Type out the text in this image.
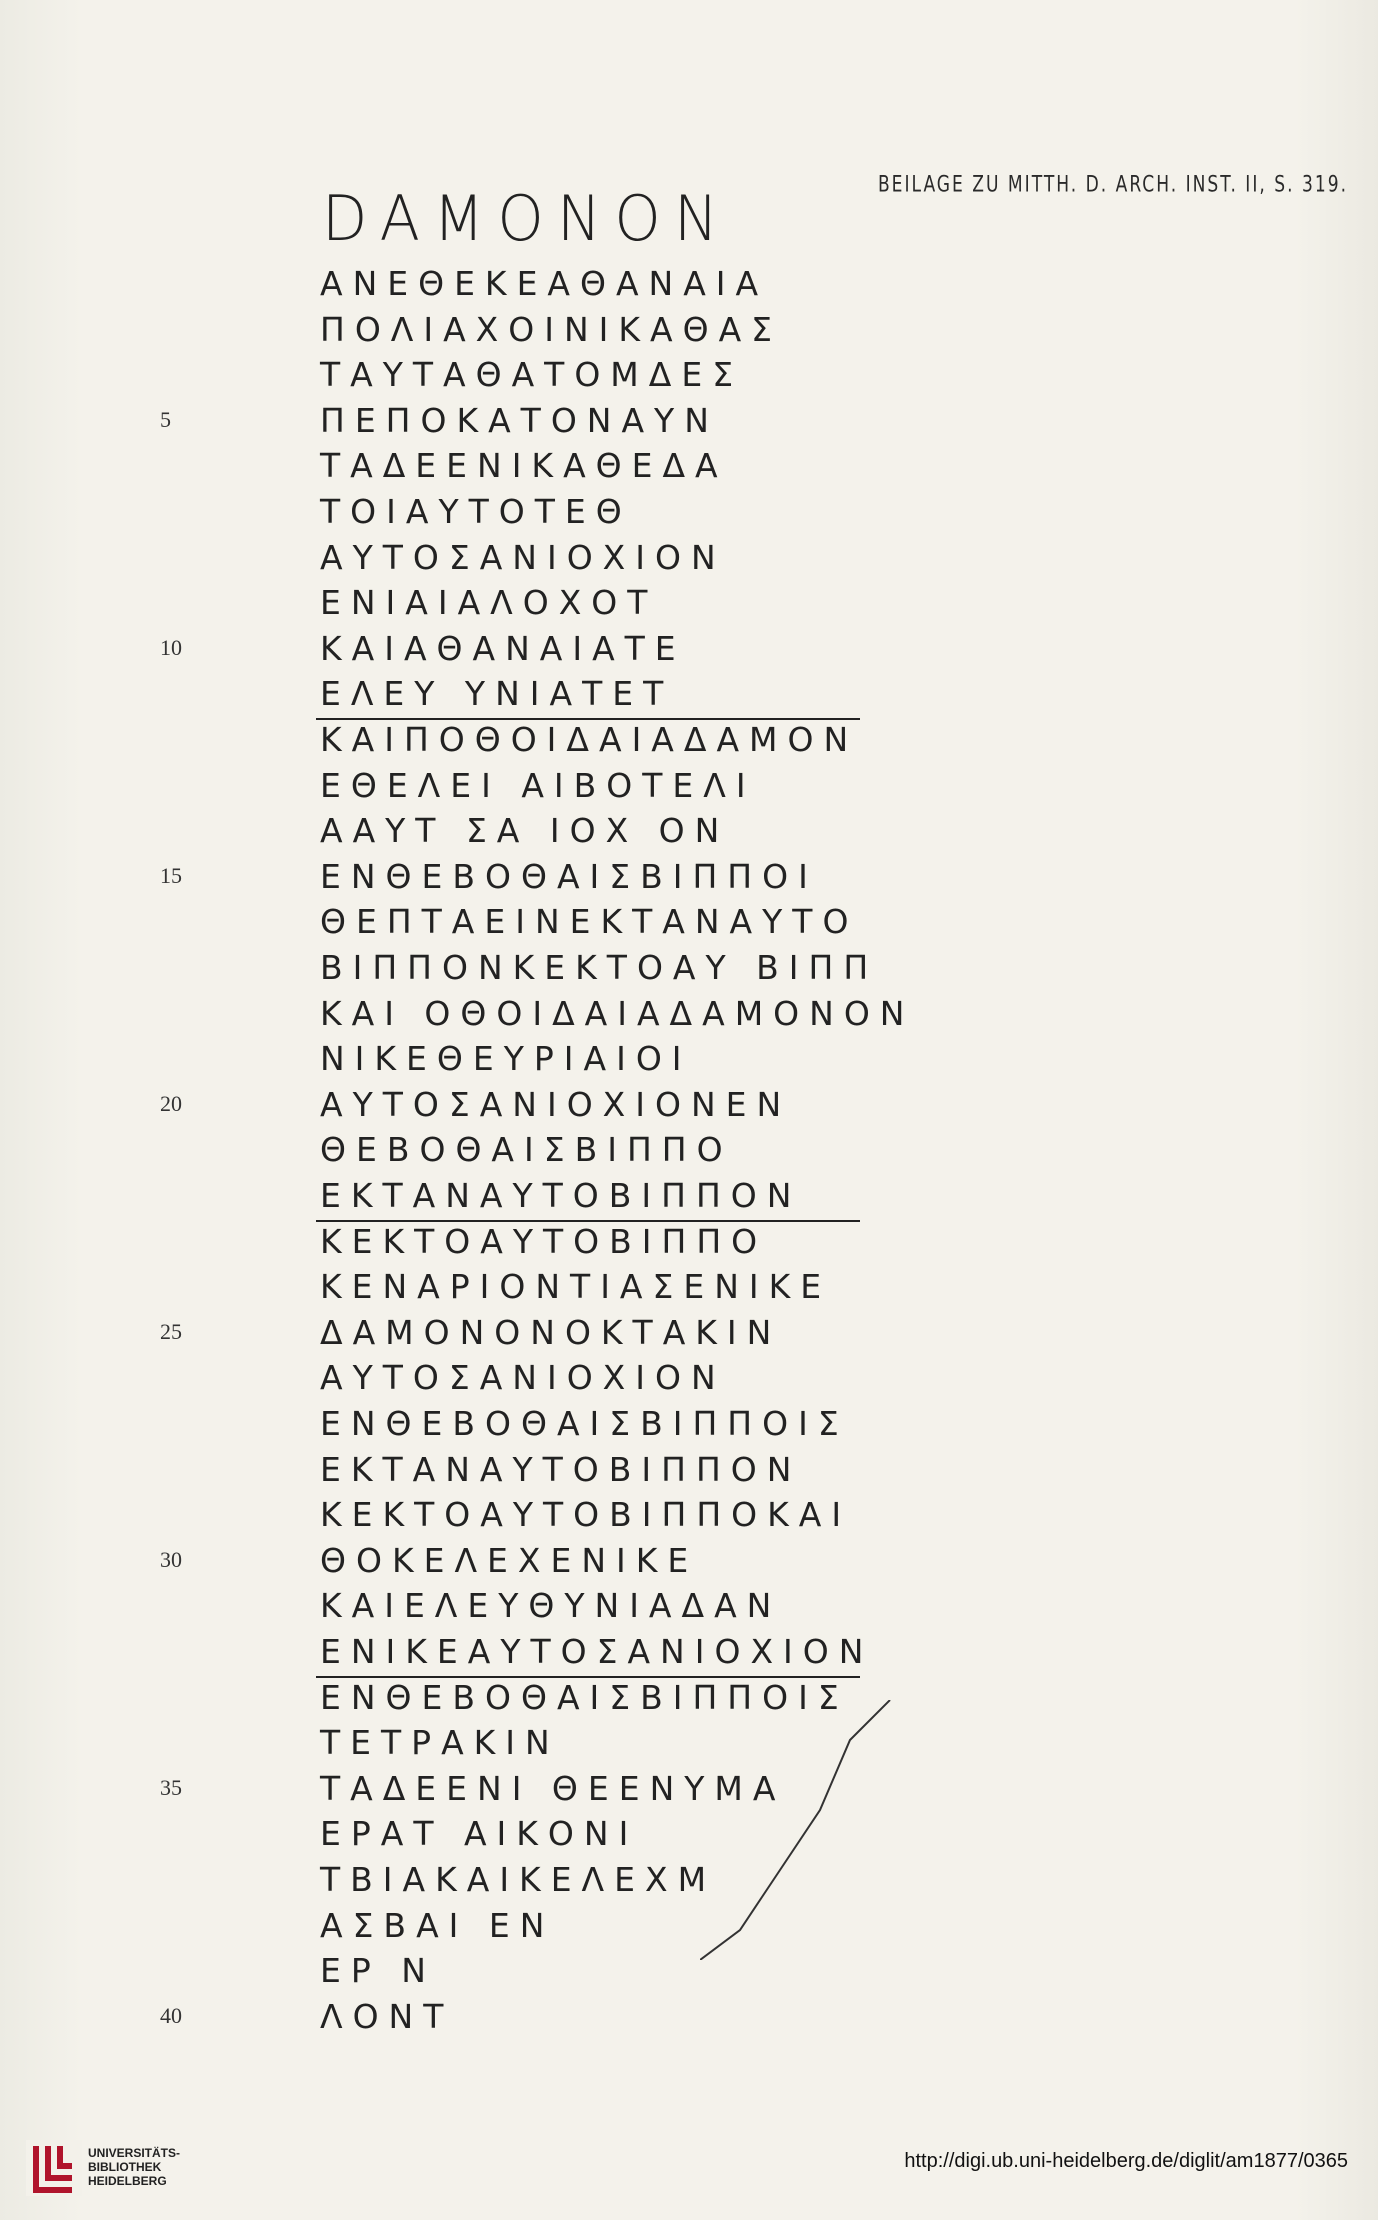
BEILAGE ZU MITTH. D. ARCH. INST. II, S. 319.
DAMONON
ΑΝΕΘΕΚΕΑΘΑΝΑΙΑ
ΠΟΛΙΑΧΟΙΝΙΚΑΘΑΣ
ΤΑΥΤΑΘΑΤΟΜΔΕΣ
ΠΕΠΟΚΑΤΟΝΑΥΝ
5
ΤΑΔΕΕΝΙΚΑΘΕΔΑ
ΤΟΙΑΥΤΟΤΕΘ
ΑΥΤΟΣΑΝΙΟΧΙΟΝ
ΕΝΙΑΙΑΛΟΧΟΤ
ΚΑΙΑΘΑΝΑΙΑΤΕ
10
ΕΛΕΥ ΥΝΙΑΤΕΤ
ΚΑΙΠΟΘΟΙΔΑΙΑΔΑΜΟΝ
ΕΘΕΛΕΙ ΑΙΒΟΤΕΛΙ
ΑΑΥΤ ΣΑ ΙΟΧ ΟΝ
ΕΝΘΕΒΟΘΑΙΣΒΙΠΠΟΙ
15
ΘΕΠΤΑΕΙΝΕΚΤΑΝΑΥΤΟ
ΒΙΠΠΟΝΚΕΚΤΟΑΥ ΒΙΠΠ
ΚΑΙ ΟΘΟΙΔΑΙΑΔΑΜΟΝΟΝ
ΝΙΚΕΘΕΥΡΙΑΙΟΙ
ΑΥΤΟΣΑΝΙΟΧΙΟΝΕΝ
20
ΘΕΒΟΘΑΙΣΒΙΠΠΟ
ΕΚΤΑΝΑΥΤΟΒΙΠΠΟΝ
ΚΕΚΤΟΑΥΤΟΒΙΠΠΟ
ΚΕΝΑΡΙΟΝΤΙΑΣΕΝΙΚΕ
ΔΑΜΟΝΟΝΟΚΤΑΚΙΝ
25
ΑΥΤΟΣΑΝΙΟΧΙΟΝ
ΕΝΘΕΒΟΘΑΙΣΒΙΠΠΟΙΣ
ΕΚΤΑΝΑΥΤΟΒΙΠΠΟΝ
ΚΕΚΤΟΑΥΤΟΒΙΠΠΟΚΑΙ
ΘΟΚΕΛΕΧΕΝΙΚΕ
30
ΚΑΙΕΛΕΥΘΥΝΙΑΔΑΝ
ΕΝΙΚΕΑΥΤΟΣΑΝΙΟΧΙΟΝ
ΕΝΘΕΒΟΘΑΙΣΒΙΠΠΟΙΣ
ΤΕΤΡΑΚΙΝ
ΤΑΔΕΕΝΙ ΘΕΕΝΥΜΑ
35
ΕΡΑΤ ΑΙΚΟΝΙ
ΤΒΙΑΚΑΙΚΕΛΕΧΜ
ΑΣΒΑΙ ΕΝ
ΕΡ Ν
ΛΟΝΤ
40
UNIVERSITÄTS-
BIBLIOTHEK
HEIDELBERG
http://digi.ub.uni-heidelberg.de/diglit/am1877/0365
